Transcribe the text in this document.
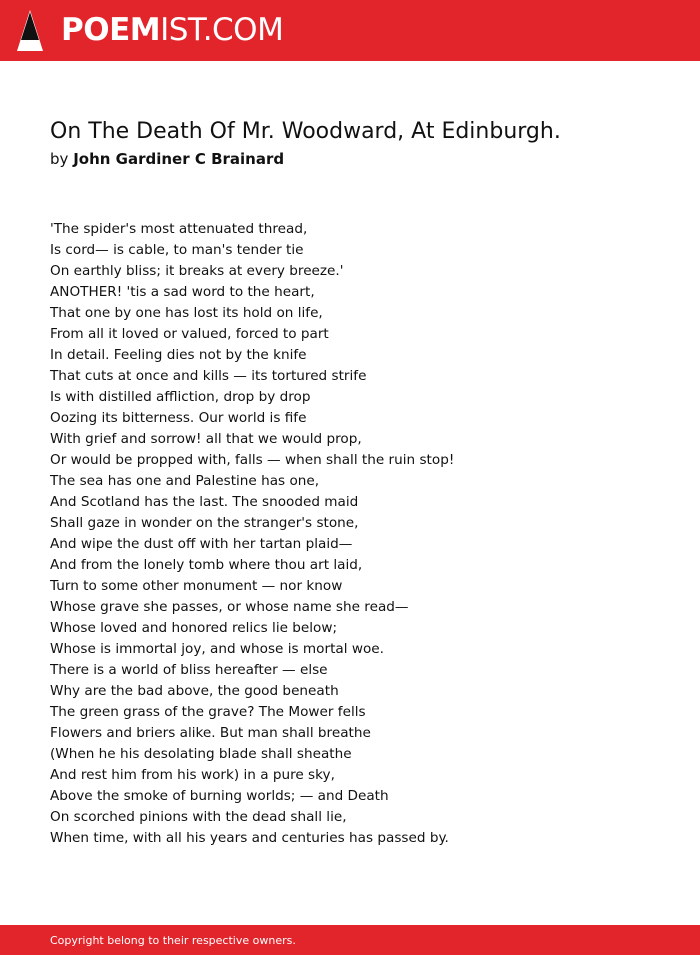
POEMIST.COM
On The Death Of Mr. Woodward, At Edinburgh.
by John Gardiner C Brainard
'The spider's most attenuated thread,
Is cord— is cable, to man's tender tie
On earthly bliss; it breaks at every breeze.'
ANOTHER! 'tis a sad word to the heart,
That one by one has lost its hold on life,
From all it loved or valued, forced to part
In detail. Feeling dies not by the knife
That cuts at once and kills — its tortured strife
Is with distilled affliction, drop by drop
Oozing its bitterness. Our world is fife
With grief and sorrow! all that we would prop,
Or would be propped with, falls — when shall the ruin stop!
The sea has one and Palestine has one,
And Scotland has the last. The snooded maid
Shall gaze in wonder on the stranger's stone,
And wipe the dust off with her tartan plaid—
And from the lonely tomb where thou art laid,
Turn to some other monument — nor know
Whose grave she passes, or whose name she read—
Whose loved and honored relics lie below;
Whose is immortal joy, and whose is mortal woe.
There is a world of bliss hereafter — else
Why are the bad above, the good beneath
The green grass of the grave? The Mower fells
Flowers and briers alike. But man shall breathe
(When he his desolating blade shall sheathe
And rest him from his work) in a pure sky,
Above the smoke of burning worlds; — and Death
On scorched pinions with the dead shall lie,
When time, with all his years and centuries has passed by.
Copyright belong to their respective owners.
